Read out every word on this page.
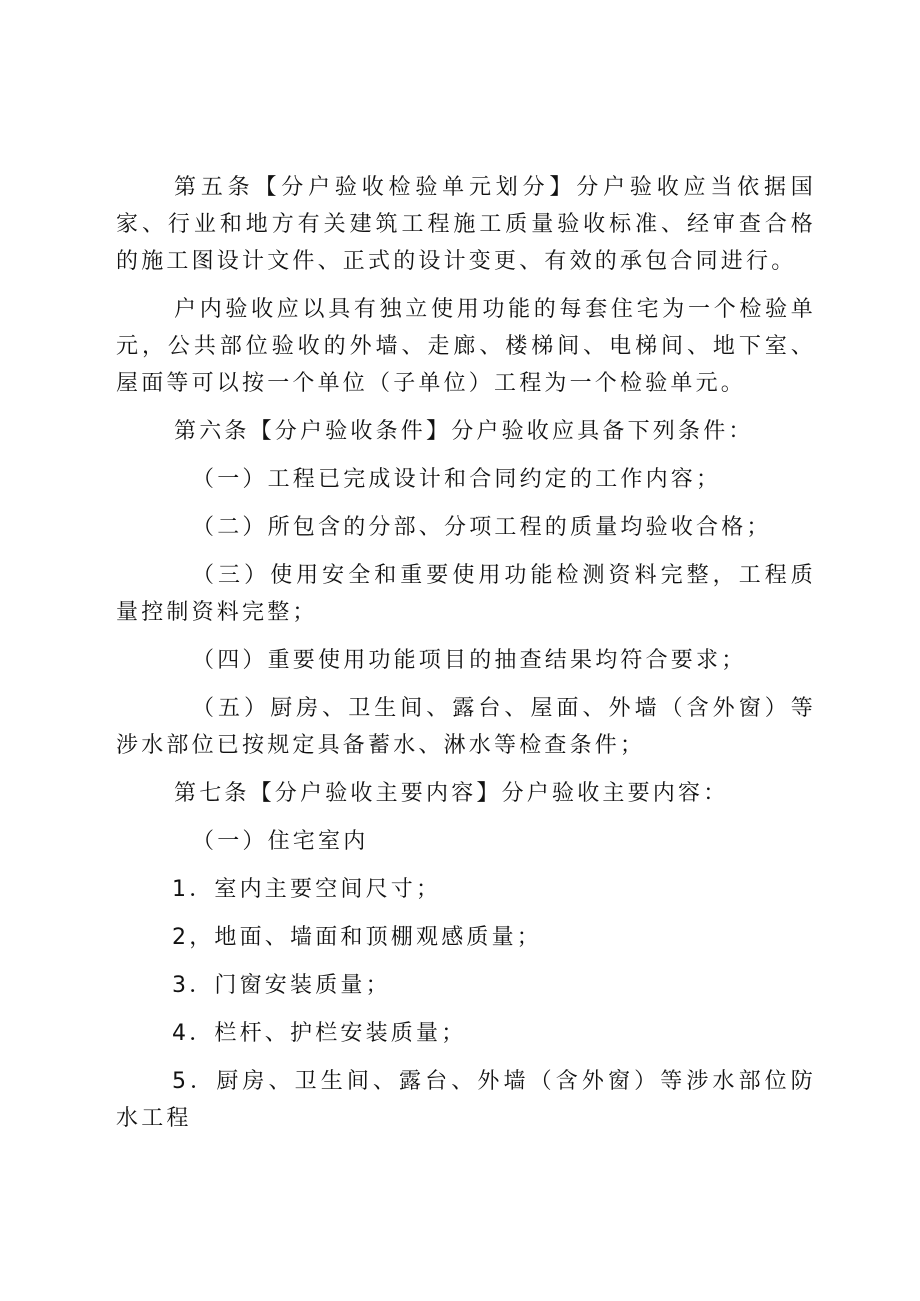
第五条【分户验收检验单元划分】分户验收应当依据国家、行业和地方有关建筑工程施工质量验收标准、经审查合格的施工图设计文件、正式的设计变更、有效的承包合同进行。

户内验收应以具有独立使用功能的每套住宅为一个检验单元，公共部位验收的外墙、走廊、楼梯间、电梯间、地下室、屋面等可以按一个单位（子单位）工程为一个检验单元。

第六条【分户验收条件】分户验收应具备下列条件：

（一）工程已完成设计和合同约定的工作内容；

（二）所包含的分部、分项工程的质量均验收合格；

（三）使用安全和重要使用功能检测资料完整，工程质量控制资料完整；

（四）重要使用功能项目的抽查结果均符合要求；

（五）厨房、卫生间、露台、屋面、外墙（含外窗）等涉水部位已按规定具备蓄水、淋水等检查条件；

第七条【分户验收主要内容】分户验收主要内容：

（一）住宅室内

1．室内主要空间尺寸；

2，地面、墙面和顶棚观感质量；

3．门窗安装质量；

4．栏杆、护栏安装质量；

5．厨房、卫生间、露台、外墙（含外窗）等涉水部位防水工程
